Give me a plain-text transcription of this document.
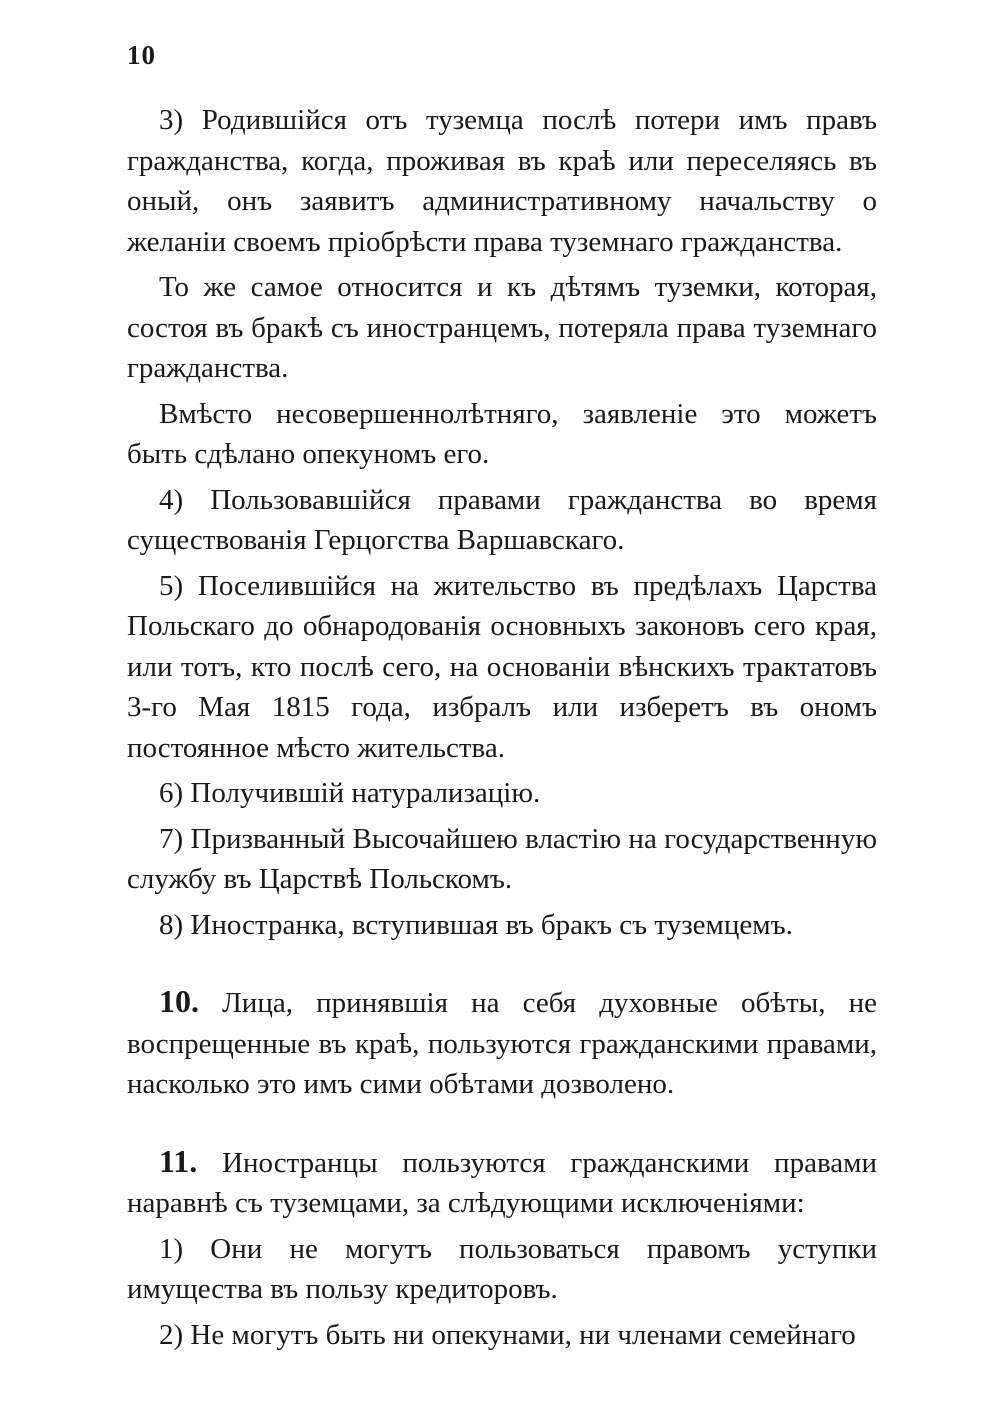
10

3) Родившiйся отъ туземца послѣ потери имъ правъ гражданства, когда, проживая въ краѣ или переселяясь въ оный, онъ заявитъ административному начальству о желанiи своемъ прiобрѣсти права туземнаго гражданства.

То же самое относится и къ дѣтямъ туземки, которая, состоя въ бракѣ съ иностранцемъ, потеряла права туземнаго гражданства.

Вмѣсто несовершеннолѣтняго, заявленiе это можетъ быть сдѣлано опекуномъ его.

4) Пользовавшiйся правами гражданства во время существованiя Герцогства Варшавскаго.

5) Поселившiйся на жительство въ предѣлахъ Царства Польскаго до обнародованiя основныхъ законовъ сего края, или тотъ, кто послѣ сего, на основанiи вѣнскихъ трактатовъ 3-го Мая 1815 года, избралъ или изберетъ въ ономъ постоянное мѣсто жительства.

6) Получившiй натурализацiю.

7) Призванный Высочайшею властiю на государственную службу въ Царствѣ Польскомъ.

8) Иностранка, вступившая въ бракъ съ туземцемъ.

10. Лица, принявшiя на себя духовные обѣты, не воспрещенные въ краѣ, пользуются гражданскими правами, насколько это имъ сими обѣтами дозволено.

11. Иностранцы пользуются гражданскими правами наравнѣ съ туземцами, за слѣдующими исключенiями:

1) Они не могутъ пользоваться правомъ уступки имущества въ пользу кредиторовъ.

2) Не могутъ быть ни опекунами, ни членами семейнаго
